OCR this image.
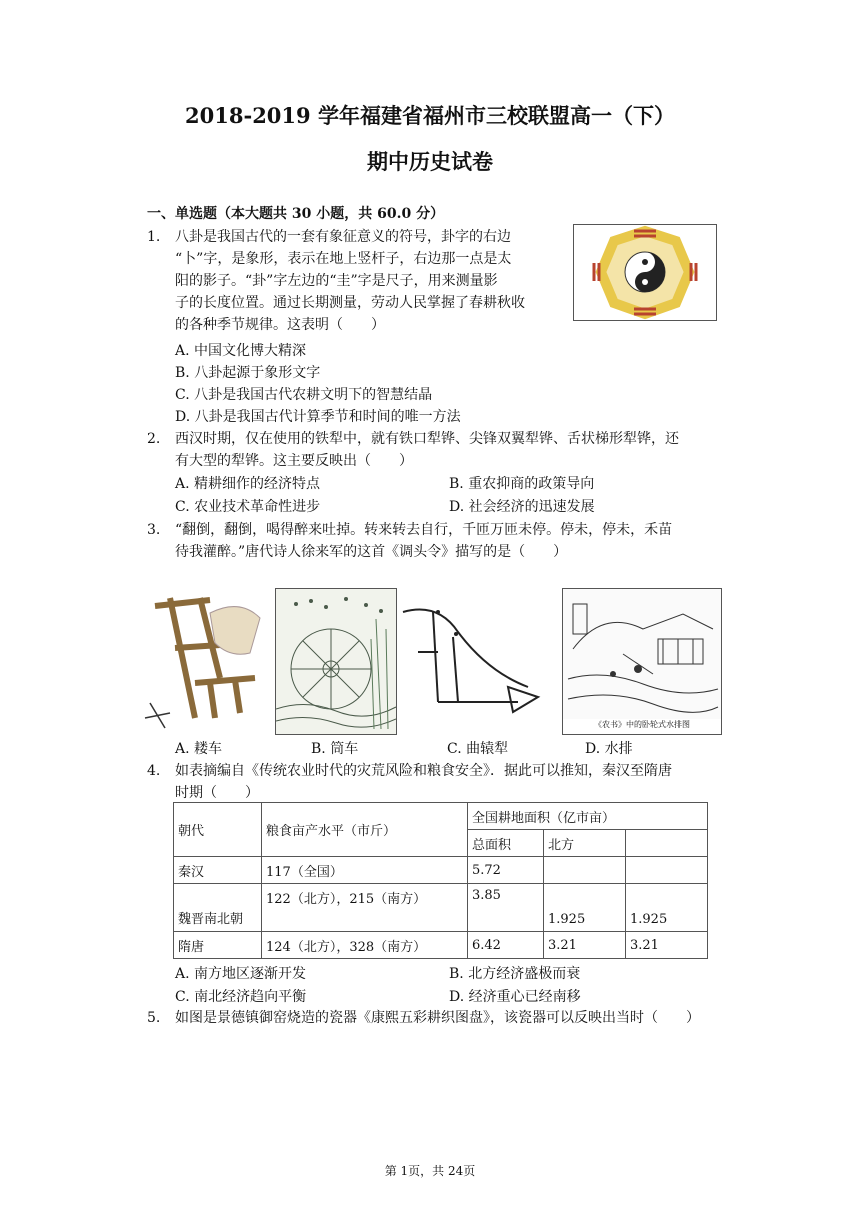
2018-2019 学年福建省福州市三校联盟高一（下）
期中历史试卷
一、单选题（本大题共 30 小题，共 60.0 分）
1. 八卦是我国古代的一套有象征意义的符号，卦字的右边
“卜”字，是象形，表示在地上竖杆子，右边那一点是太
阳的影子。“卦”字左边的“圭”字是尺子，用来测量影
子的长度位置。通过长期测量，劳动人民掌握了春耕秋收
的各种季节规律。这表明（　　）
A. 中国文化博大精深
B. 八卦起源于象形文字
C. 八卦是我国古代农耕文明下的智慧结晶
D. 八卦是我国古代计算季节和时间的唯一方法
2. 西汉时期，仅在使用的铁犁中，就有铁口犁铧、尖锋双翼犁铧、舌状梯形犁铧，还
有大型的犁铧。这主要反映出（　　）
A. 精耕细作的经济特点	B. 重农抑商的政策导向
C. 农业技术革命性进步	D. 社会经济的迅速发展
3. “翻倒，翻倒，喝得醉来吐掉。转来转去自行，千匝万匝未停。停未，停未，禾苗
待我灌醉。”唐代诗人徐来军的这首《调头令》描写的是（　　）
《农书》中的卧轮式水排图
A. 耧车	B. 筒车	C. 曲辕犁	D. 水排
4. 如表摘编自《传统农业时代的灾荒风险和粮食安全》．据此可以推知，秦汉至隋唐
时期（　　）
朝代	粮食亩产水平（市斤）	全国耕地面积（亿市亩）		
		总面积	北方	
秦汉	117（全国）	5.72		
魏晋南北朝	122（北方），215（南方）	3.85	1.925	1.925
隋唐	124（北方），328（南方）	6.42	3.21	3.21
A. 南方地区逐渐开发	B. 北方经济盛极而衰
C. 南北经济趋向平衡	D. 经济重心已经南移
5. 如图是景德镇御窑烧造的瓷器《康熙五彩耕织图盘》，该瓷器可以反映出当时（　　）
第 1页，共 24页
